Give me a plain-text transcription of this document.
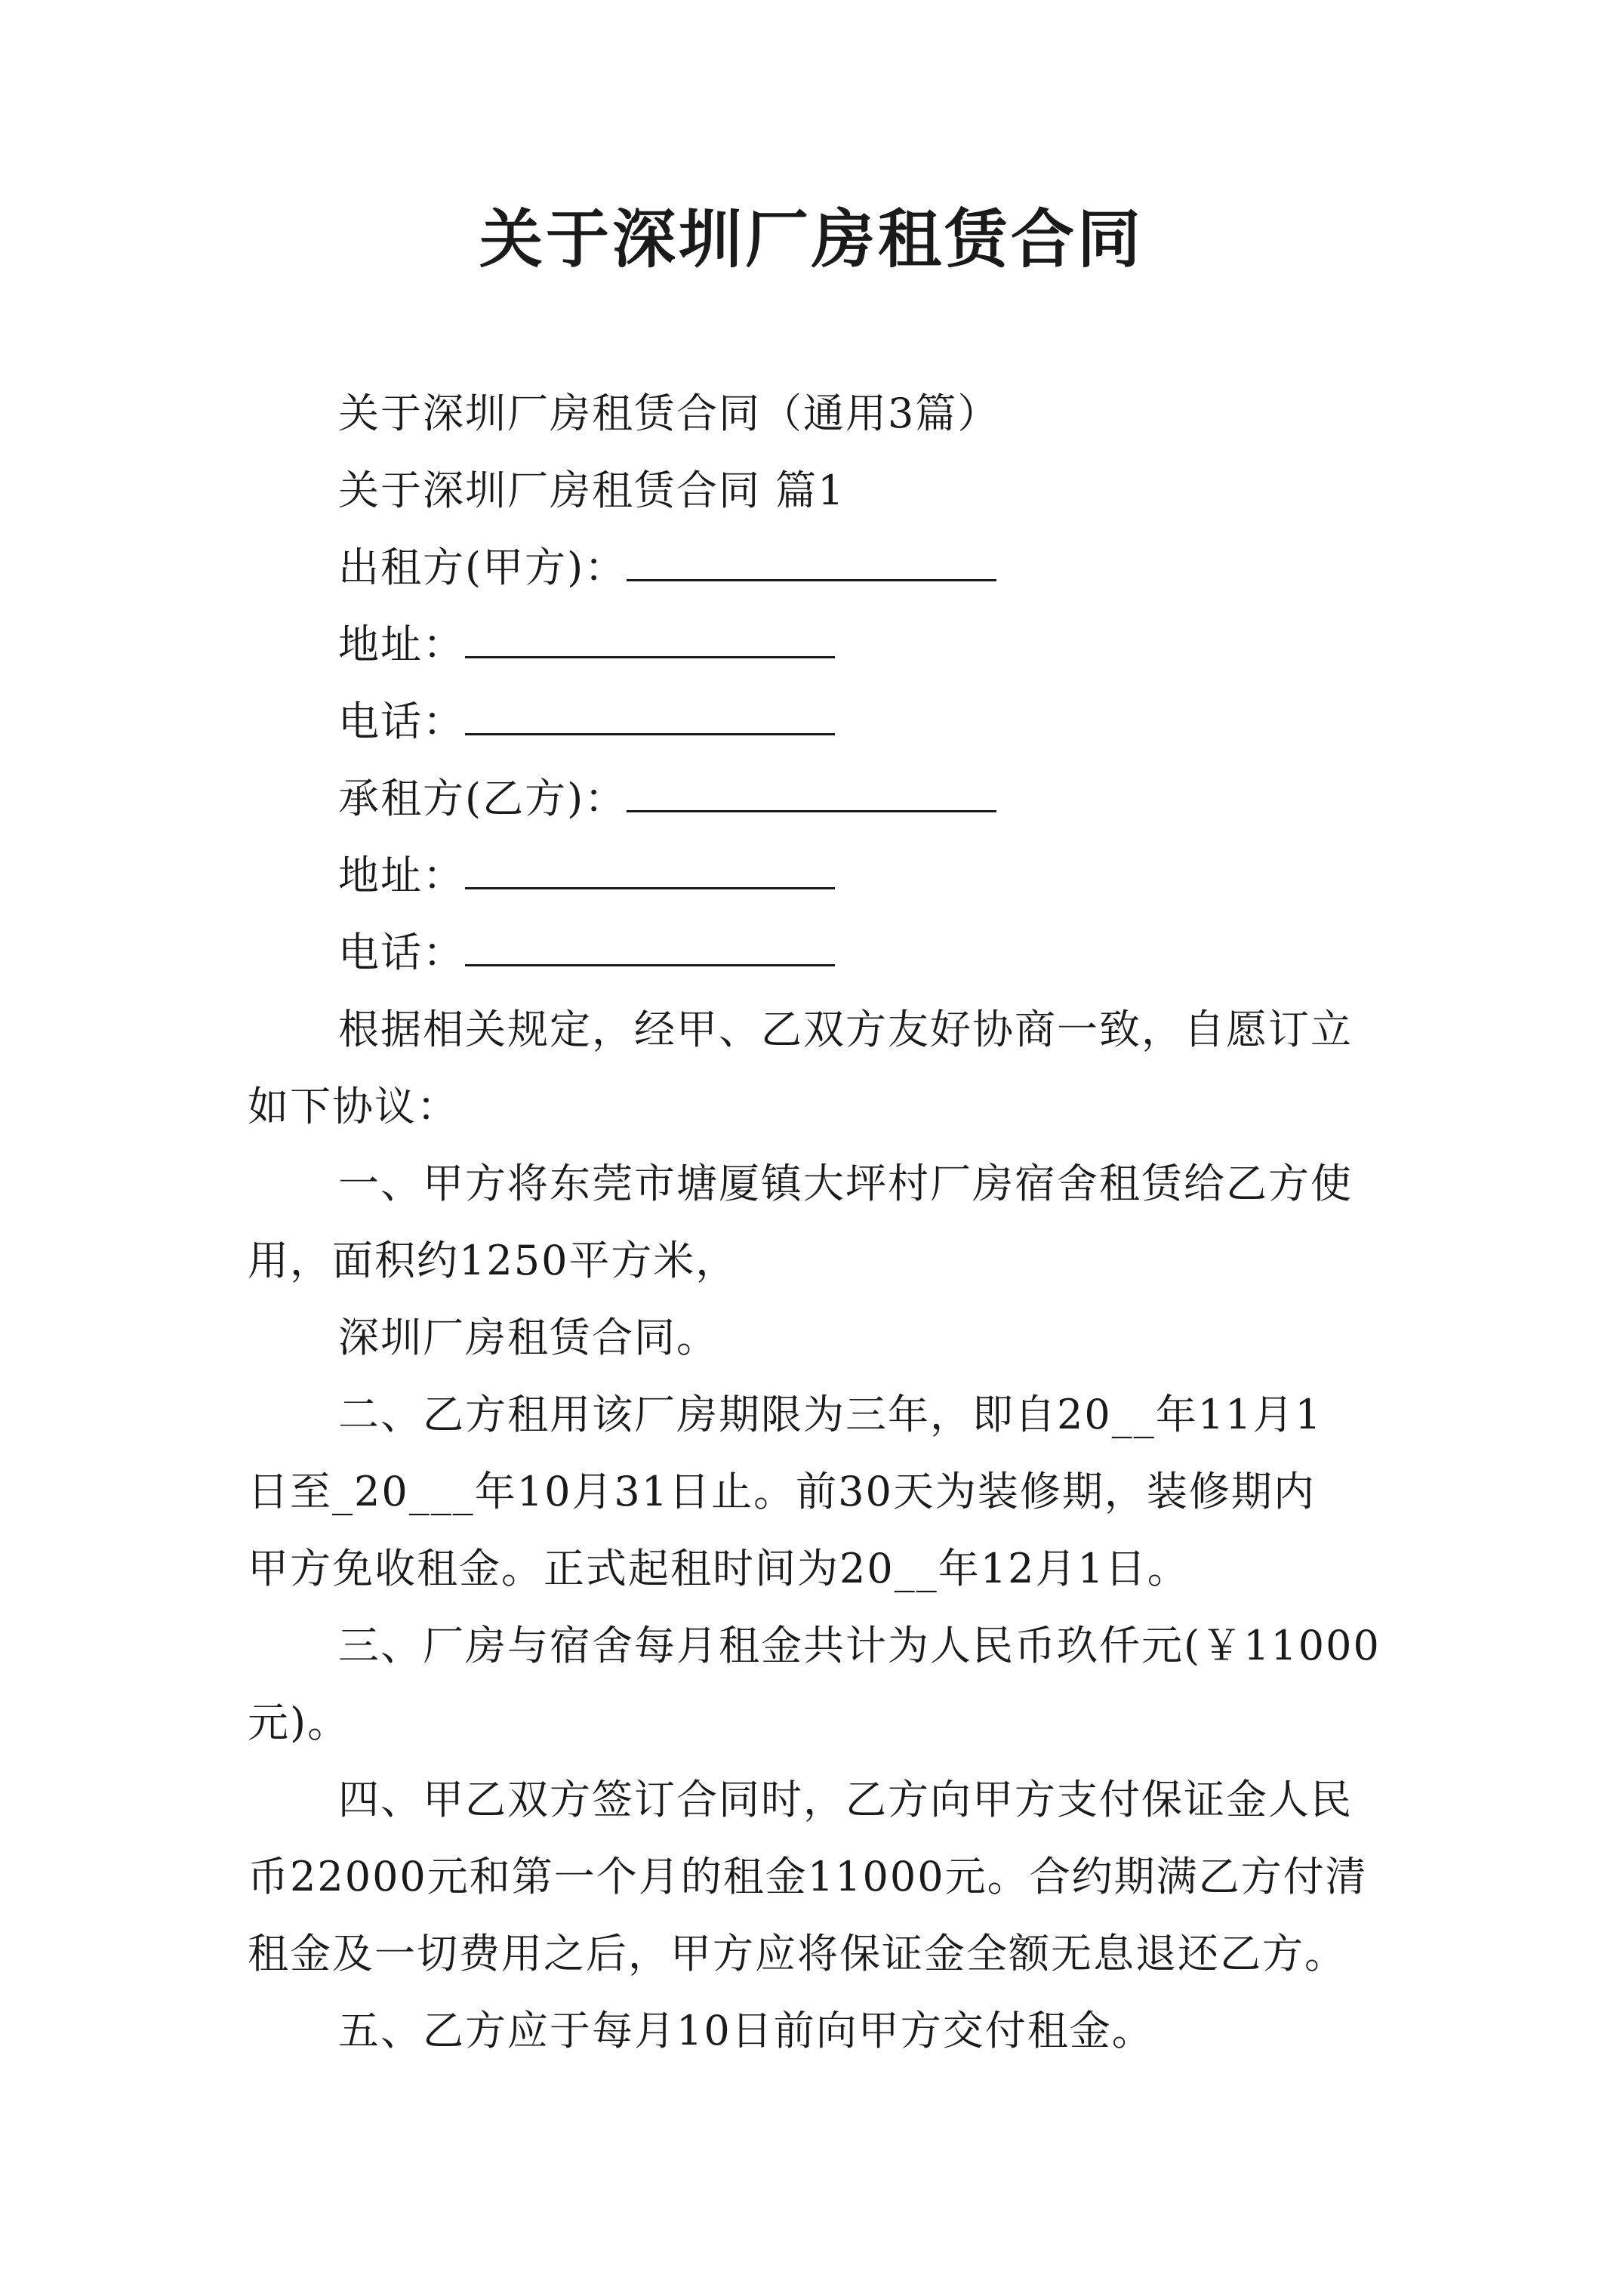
关于深圳厂房租赁合同
关于深圳厂房租赁合同（通用3篇）
关于深圳厂房租赁合同 篇1
出租方(甲方)：
地址：
电话：
承租方(乙方)：
地址：
电话：
根据相关规定，经甲、乙双方友好协商一致，自愿订立
如下协议：
一、甲方将东莞市塘厦镇大坪村厂房宿舍租赁给乙方使
用，面积约1250平方米，
深圳厂房租赁合同。
二、乙方租用该厂房期限为三年，即自20__年11月1
日至_20___年10月31日止。前30天为装修期，装修期内
甲方免收租金。正式起租时间为20__年12月1日。
三、厂房与宿舍每月租金共计为人民币玖仟元(￥11000
元)。
四、甲乙双方签订合同时，乙方向甲方支付保证金人民
币22000元和第一个月的租金11000元。合约期满乙方付清
租金及一切费用之后，甲方应将保证金全额无息退还乙方。
五、乙方应于每月10日前向甲方交付租金。
